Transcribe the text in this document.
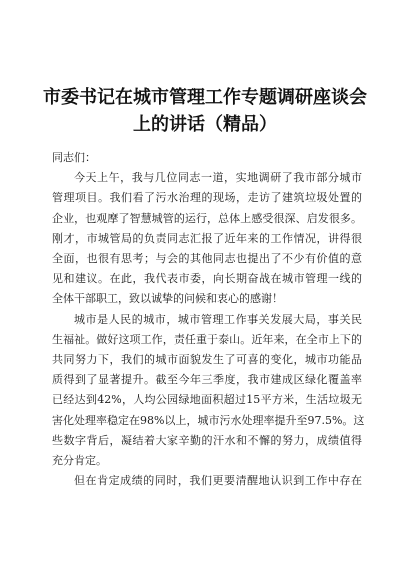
市委书记在城市管理工作专题调研座谈会
上的讲话（精品）

同志们：

今天上午，我与几位同志一道，实地调研了我市部分城市
管理项目。我们看了污水治理的现场，走访了建筑垃圾处置的
企业，也观摩了智慧城管的运行，总体上感受很深、启发很多。
刚才，市城管局的负责同志汇报了近年来的工作情况，讲得很
全面，也很有思考；与会的其他同志也提出了不少有价值的意
见和建议。在此，我代表市委，向长期奋战在城市管理一线的
全体干部职工，致以诚挚的问候和衷心的感谢！
城市是人民的城市，城市管理工作事关发展大局，事关民
生福祉。做好这项工作，责任重于泰山。近年来，在全市上下的
共同努力下，我们的城市面貌发生了可喜的变化，城市功能品
质得到了显著提升。截至今年三季度，我市建成区绿化覆盖率
已经达到42%，人均公园绿地面积超过15平方米，生活垃圾无
害化处理率稳定在98%以上，城市污水处理率提升至97.5%。这
些数字背后，凝结着大家辛勤的汗水和不懈的努力，成绩值得
充分肯定。
但在肯定成绩的同时，我们更要清醒地认识到工作中存在
